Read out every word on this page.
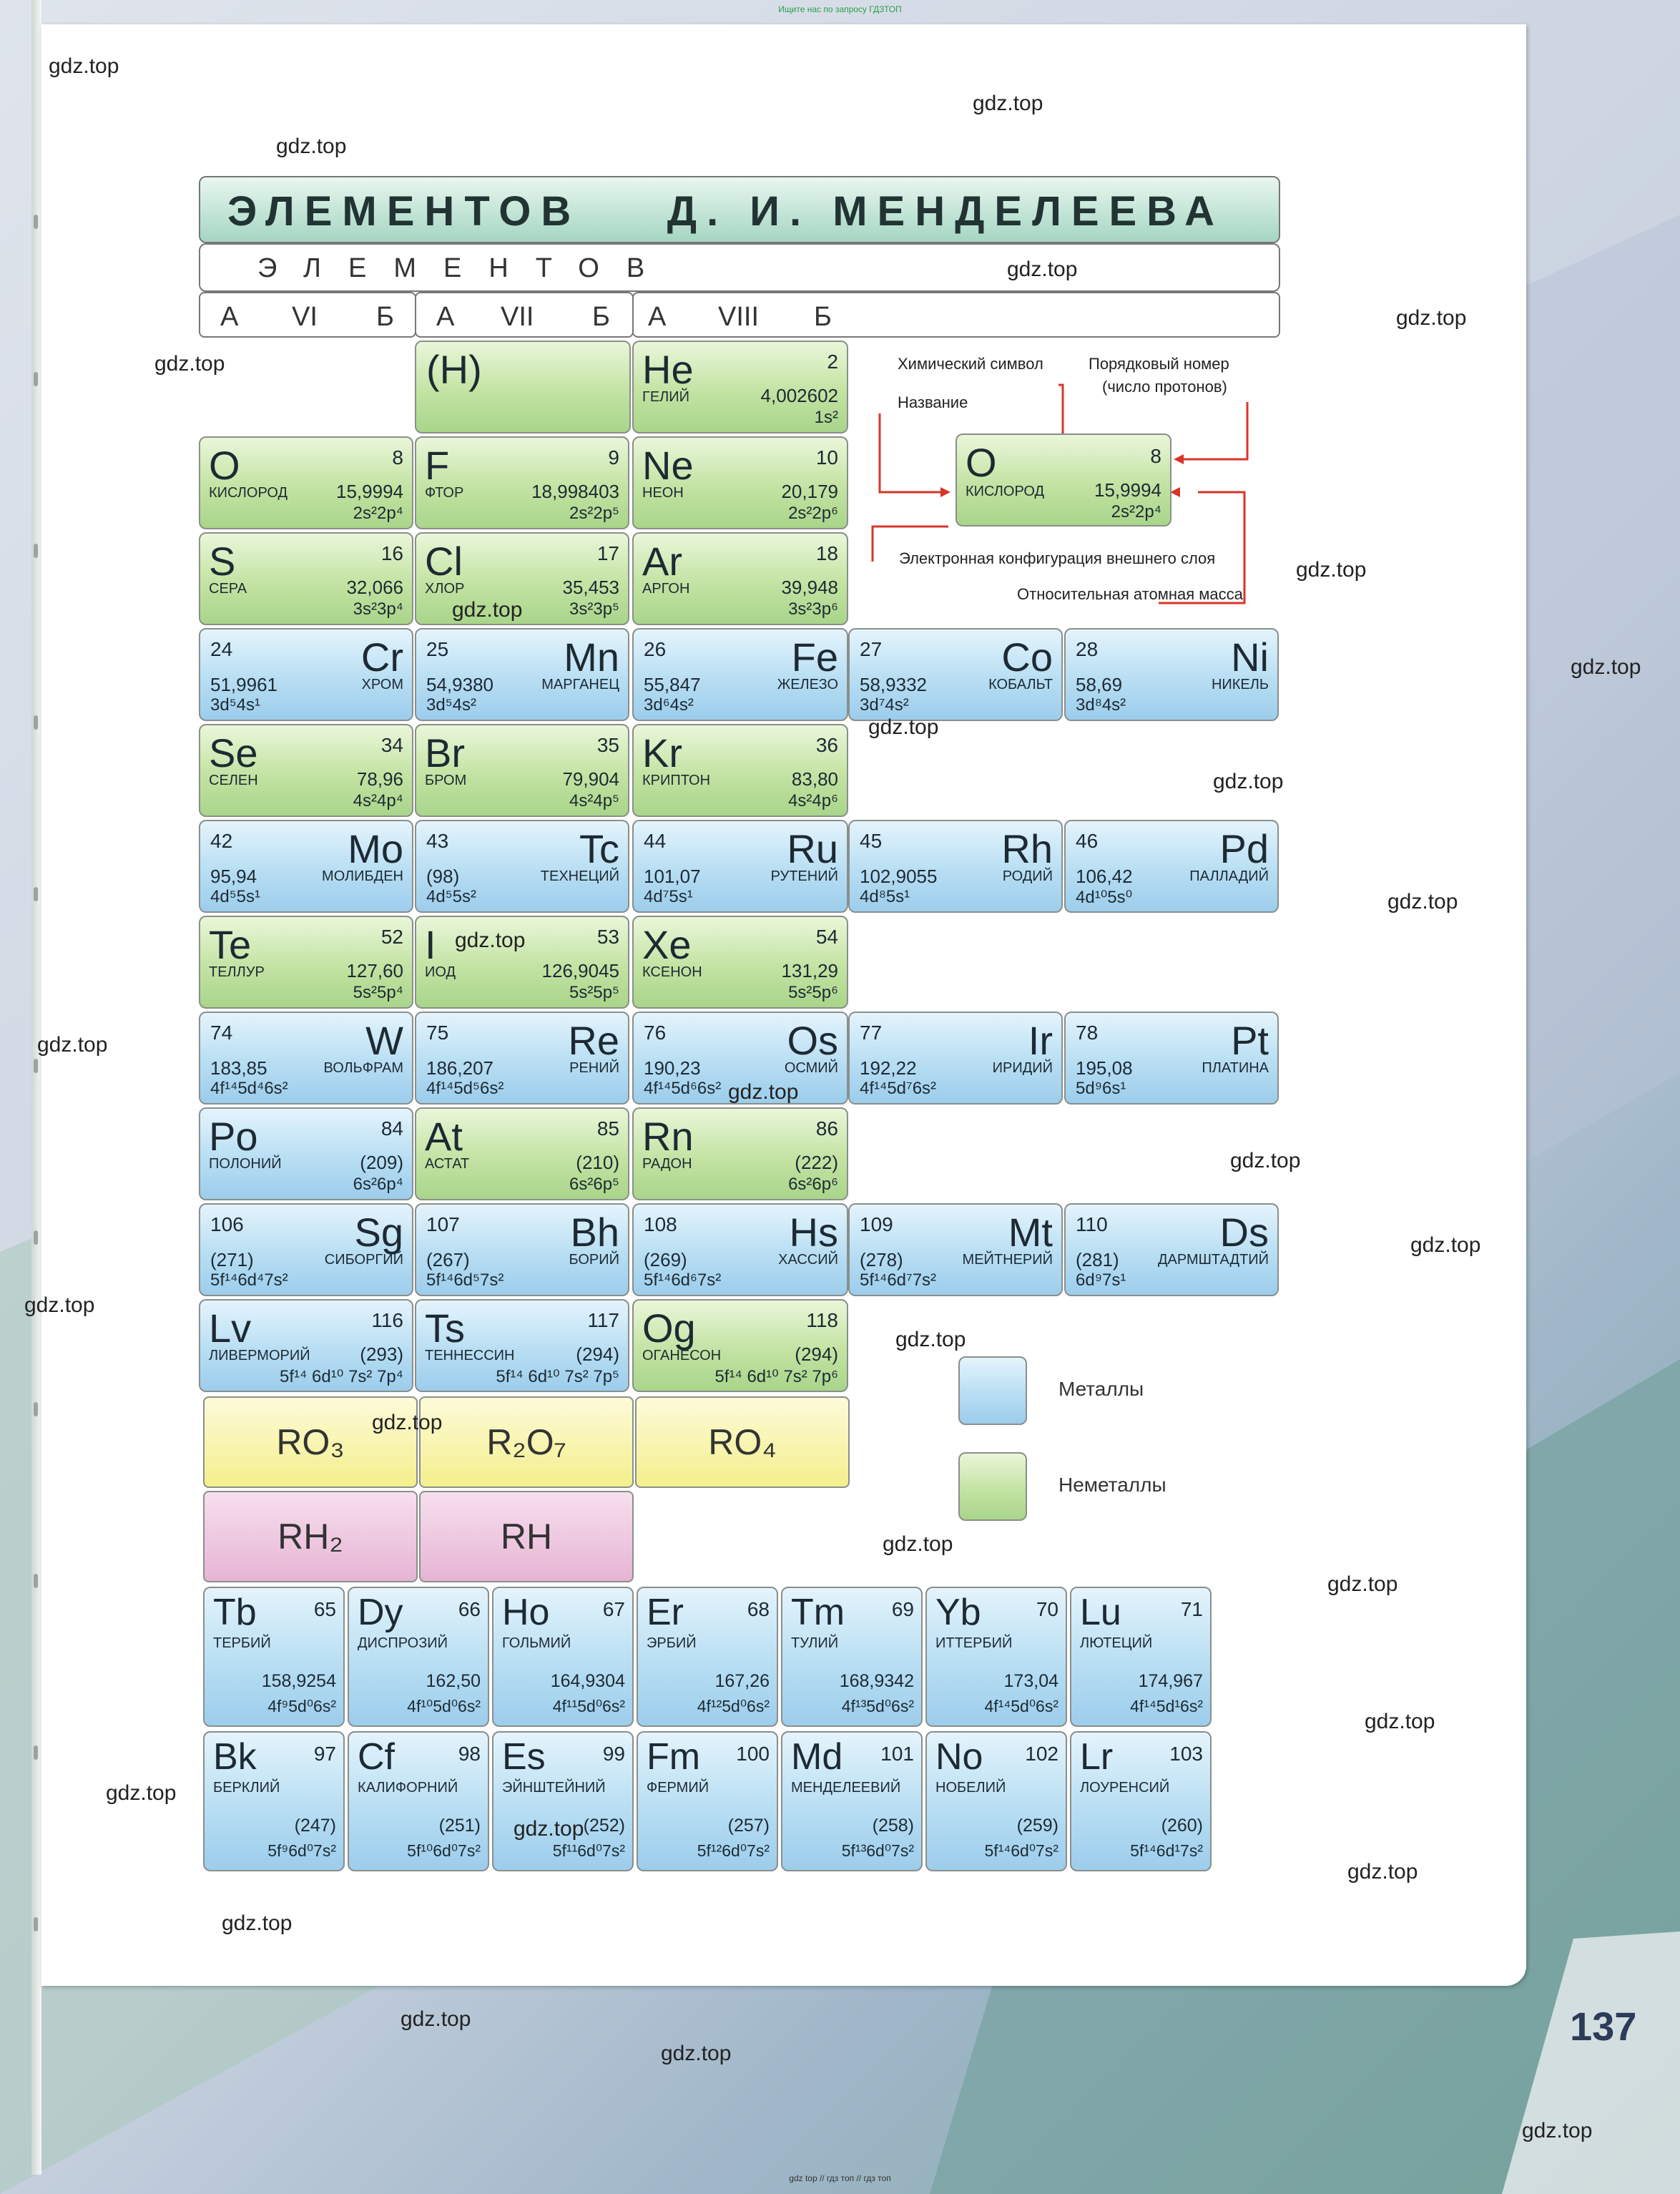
Ищите нас по запросу ГДЗТОП
ЭЛЕМЕНТОВ    Д. И. МЕНДЕЛЕЕВА
ЭЛЕМЕНТОВ
А VI Б А VII Б А VIII Б
(H)
O	8
КИСЛОРОД	15,9994
2s²2p⁴
Химический символ	Порядковый номер
(число протонов)
Название
Электронная конфигурация внешнего слоя
Относительная атомная масса
He	2
ГЕЛИЙ	4,002602
1s²
O	8
КИСЛОРОД	15,9994
2s²2p⁴
F	9
ФТОР	18,998403
2s²2p⁵
Ne	10
НЕОН	20,179
2s²2p⁶
S	16
СЕРА	32,066
3s²3p⁴
Cl	17
ХЛОР	35,453
3s²3p⁵
Ar	18
АРГОН	39,948
3s²3p⁶
Cr
24
ХРОМ
51,9961
3d⁵4s¹
Mn
25
МАРГАНЕЦ
54,9380
3d⁵4s²
Fe
26
ЖЕЛЕЗО
55,847
3d⁶4s²
Co
27
КОБАЛЬТ
58,9332
3d⁷4s²
Ni
28
НИКЕЛЬ
58,69
3d⁸4s²
Se	34
СЕЛЕН	78,96
4s²4p⁴
Br	35
БРОМ	79,904
4s²4p⁵
Kr	36
КРИПТОН	83,80
4s²4p⁶
Mo
42
МОЛИБДЕН
95,94
4d⁵5s¹
Tc
43
ТЕХНЕЦИЙ
(98)
4d⁵5s²
Ru
44
РУТЕНИЙ
101,07
4d⁷5s¹
Rh
45
РОДИЙ
102,9055
4d⁸5s¹
Pd
46
ПАЛЛАДИЙ
106,42
4d¹⁰5s⁰
Te	52
ТЕЛЛУР	127,60
5s²5p⁴
I	53
ИОД	126,9045
5s²5p⁵
Xe	54
КСЕНОН	131,29
5s²5p⁶
W
74
ВОЛЬФРАМ
183,85
4f¹⁴5d⁴6s²
Re
75
РЕНИЙ
186,207
4f¹⁴5d⁵6s²
Os
76
ОСМИЙ
190,23
4f¹⁴5d⁶6s²
Ir
77
ИРИДИЙ
192,22
4f¹⁴5d⁷6s²
Pt
78
ПЛАТИНА
195,08
5d⁹6s¹
Po	84
ПОЛОНИЙ	(209)
6s²6p⁴
At	85
АСТАТ	(210)
6s²6p⁵
Rn	86
РАДОН	(222)
6s²6p⁶
Sg
106
СИБОРГИЙ
(271)
5f¹⁴6d⁴7s²
Bh
107
БОРИЙ
(267)
5f¹⁴6d⁵7s²
Hs
108
ХАССИЙ
(269)
5f¹⁴6d⁶7s²
Mt
109
МЕЙТНЕРИЙ
(278)
5f¹⁴6d⁷7s²
Ds
110
ДАРМШТАДТИЙ
(281)
6d⁹7s¹
Lv	116
ЛИВЕРМОРИЙ	(293)
5f¹⁴ 6d¹⁰ 7s² 7p⁴
Ts	117
ТЕННЕССИН	(294)
5f¹⁴ 6d¹⁰ 7s² 7p⁵
Og	118
ОГАНЕСОН	(294)
5f¹⁴ 6d¹⁰ 7s² 7p⁶
RO₃	R₂O₇	RO₄
RH₂	RH
Металлы
Неметаллы
Tb	65
ТЕРБИЙ
158,9254
4f⁹5d⁰6s²
Dy	66
ДИСПРОЗИЙ
162,50
4f¹⁰5d⁰6s²
Ho	67
ГОЛЬМИЙ
164,9304
4f¹¹5d⁰6s²
Er	68
ЭРБИЙ
167,26
4f¹²5d⁰6s²
Tm 69
ТУЛИЙ
168,9342
4f¹³5d⁰6s²
Yb	70
ИТТЕРБИЙ
173,04
4f¹⁴5d⁰6s²
Lu	71
ЛЮТЕЦИЙ
174,967
4f¹⁴5d¹6s²
Bk	97
БЕРКЛИЙ
(247)
5f⁹6d⁰7s²
Cf	98
КАЛИФОРНИЙ
(251)
5f¹⁰6d⁰7s²
Es	99
ЭЙНШТЕЙНИЙ
(252)
5f¹¹6d⁰7s²
Fm 100
ФЕРМИЙ
(257)
5f¹²6d⁰7s²
Md 101
МЕНДЕЛЕЕВИЙ
(258)
5f¹³6d⁰7s²
No 102
НОБЕЛИЙ
(259)
5f¹⁴6d⁰7s²
Lr	103
ЛОУРЕНСИЙ
(260)
5f¹⁴6d¹7s²
137
gdz top // гдз топ // гдз топ
gdz.top
gdz.top
gdz.top
gdz.top
gdz.top
gdz.top
gdz.top
gdz.top
gdz.top
gdz.top
gdz.top
gdz.top
gdz.top
gdz.top
gdz.top
gdz.top
gdz.top
gdz.top
gdz.top
gdz.top
gdz.top
gdz.top
gdz.top
gdz.top
gdz.top
gdz.top
gdz.top
gdz.top
gdz.top
gdz.top
